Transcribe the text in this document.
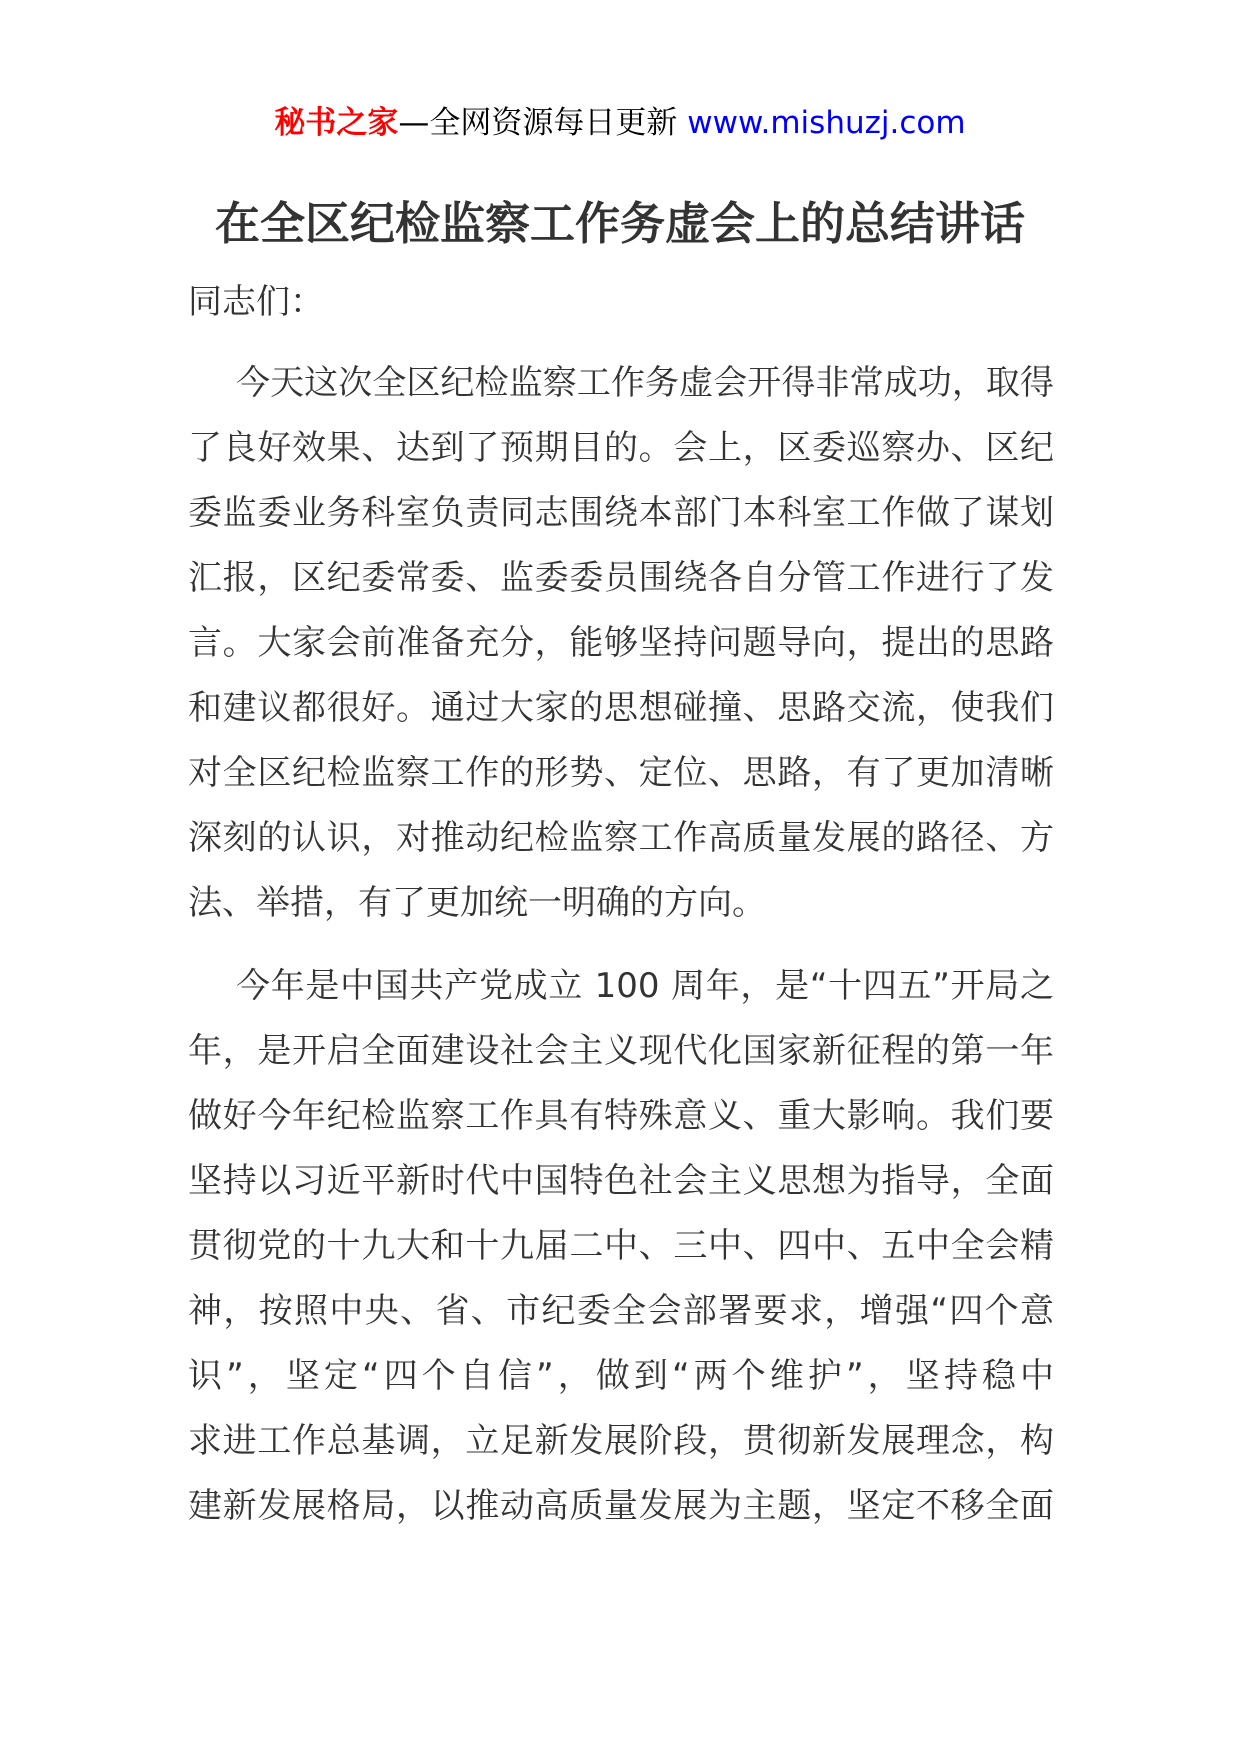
秘书之家—全网资源每日更新 www.mishuzj.com
在全区纪检监察工作务虚会上的总结讲话
同志们：
今天这次全区纪检监察工作务虚会开得非常成功，取得
了良好效果、达到了预期目的。会上，区委巡察办、区纪
委监委业务科室负责同志围绕本部门本科室工作做了谋划
汇报，区纪委常委、监委委员围绕各自分管工作进行了发
言。大家会前准备充分，能够坚持问题导向，提出的思路
和建议都很好。通过大家的思想碰撞、思路交流，使我们
对全区纪检监察工作的形势、定位、思路，有了更加清晰
深刻的认识，对推动纪检监察工作高质量发展的路径、方
法、举措，有了更加统一明确的方向。
今年是中国共产党成立 100 周年，是“十四五”开局之
年，是开启全面建设社会主义现代化国家新征程的第一年
做好今年纪检监察工作具有特殊意义、重大影响。我们要
坚持以习近平新时代中国特色社会主义思想为指导，全面
贯彻党的十九大和十九届二中、三中、四中、五中全会精
神，按照中央、省、市纪委全会部署要求，增强“四个意
识”，坚定“四个自信”，做到“两个维护”，坚持稳中
求进工作总基调，立足新发展阶段，贯彻新发展理念，构
建新发展格局，以推动高质量发展为主题，坚定不移全面
